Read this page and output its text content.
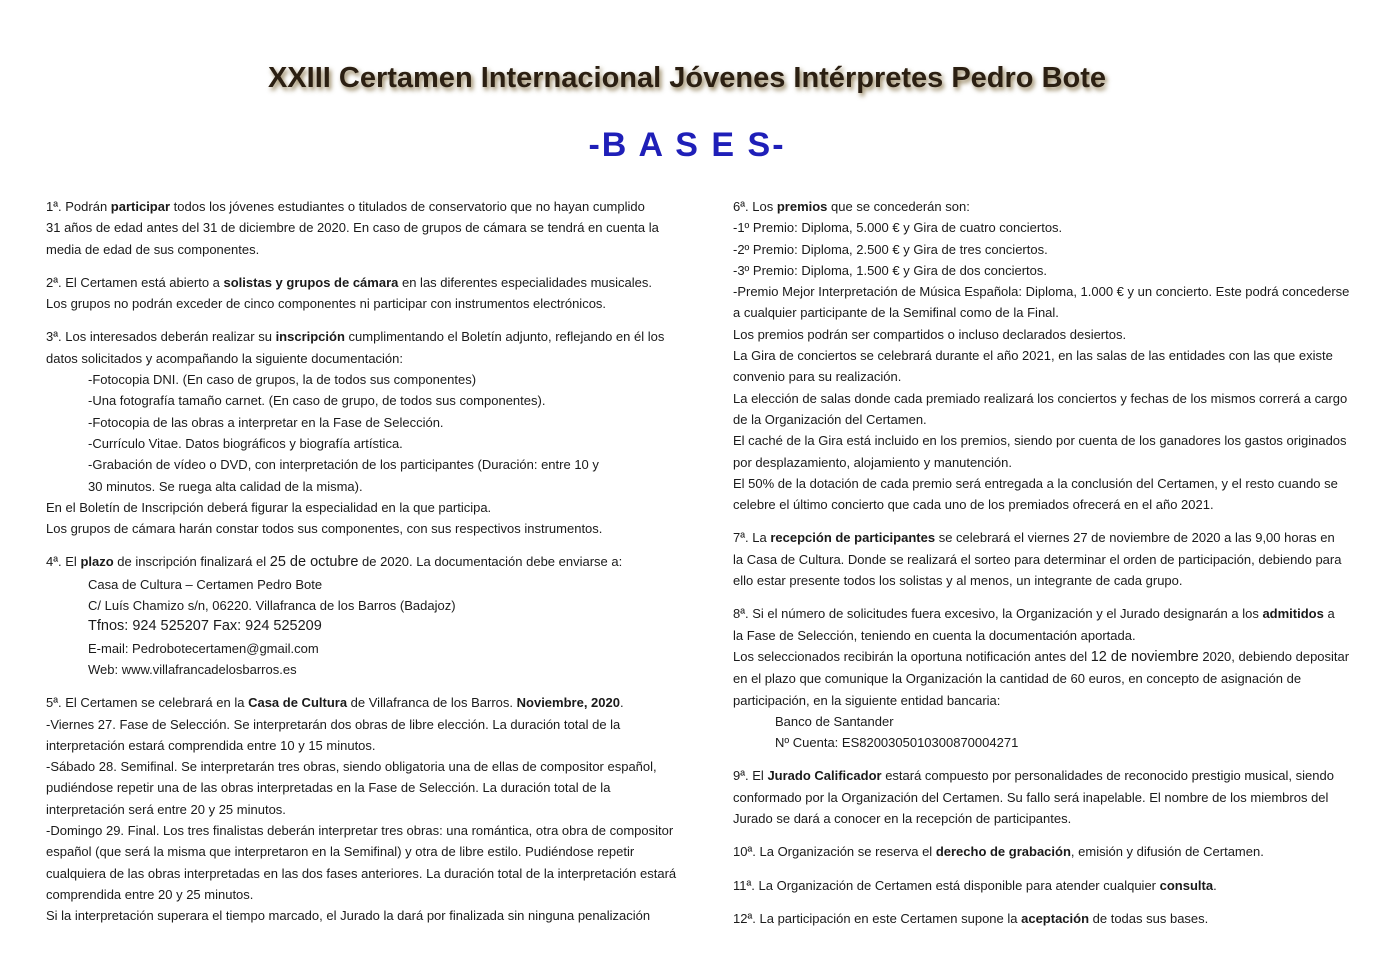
XXIII Certamen Internacional Jóvenes Intérpretes Pedro Bote
-B A S E S-
1ª. Podrán participar todos los jóvenes estudiantes o titulados de conservatorio que no hayan cumplido
31 años de edad antes del 31 de diciembre de 2020. En caso de grupos de cámara se tendrá en cuenta la
media de edad de sus componentes.
2ª. El Certamen está abierto a solistas y grupos de cámara en las diferentes especialidades musicales.
Los grupos no podrán exceder de cinco componentes ni participar con instrumentos electrónicos.
3ª. Los interesados deberán realizar su inscripción cumplimentando el Boletín adjunto, reflejando en él los
datos solicitados y acompañando la siguiente documentación:
-Fotocopia DNI. (En caso de grupos, la de todos sus componentes)
-Una fotografía tamaño carnet. (En caso de grupo, de todos sus componentes).
-Fotocopia de las obras a interpretar en la Fase de Selección.
-Currículo Vitae. Datos biográficos y biografía artística.
-Grabación de vídeo o DVD, con interpretación de los participantes (Duración: entre 10 y
30 minutos. Se ruega alta calidad de la misma).
En el Boletín de Inscripción deberá figurar la especialidad en la que participa.
Los grupos de cámara harán constar todos sus componentes, con sus respectivos instrumentos.
4ª. El plazo de inscripción finalizará el 25 de octubre de 2020. La documentación debe enviarse a:
Casa de Cultura – Certamen Pedro Bote
C/ Luís Chamizo s/n, 06220. Villafranca de los Barros (Badajoz)
Tfnos: 924 525207 Fax: 924 525209
E-mail: Pedrobotecertamen@gmail.com
Web: www.villafrancadelosbarros.es
5ª. El Certamen se celebrará en la Casa de Cultura de Villafranca de los Barros. Noviembre, 2020.
-Viernes 27. Fase de Selección. Se interpretarán dos obras de libre elección. La duración total de la
interpretación estará comprendida entre 10 y 15 minutos.
-Sábado 28. Semifinal. Se interpretarán tres obras, siendo obligatoria una de ellas de compositor español,
pudiéndose repetir una de las obras interpretadas en la Fase de Selección. La duración total de la
interpretación será entre 20 y 25 minutos.
-Domingo 29. Final. Los tres finalistas deberán interpretar tres obras: una romántica, otra obra de compositor
español (que será la misma que interpretaron en la Semifinal) y otra de libre estilo. Pudiéndose repetir
cualquiera de las obras interpretadas en las dos fases anteriores. La duración total de la interpretación estará
comprendida entre 20 y 25 minutos.
Si la interpretación superara el tiempo marcado, el Jurado la dará por finalizada sin ninguna penalización
6ª. Los premios que se concederán son:
-1º Premio: Diploma, 5.000 € y Gira de cuatro conciertos.
-2º Premio: Diploma, 2.500 € y Gira de tres conciertos.
-3º Premio: Diploma, 1.500 € y Gira de dos conciertos.
-Premio Mejor Interpretación de Música Española: Diploma, 1.000 € y un concierto. Este podrá concederse
a cualquier participante de la Semifinal como de la Final.
Los premios podrán ser compartidos o incluso declarados desiertos.
La Gira de conciertos se celebrará durante el año 2021, en las salas de las entidades con las que existe
convenio para su realización.
La elección de salas donde cada premiado realizará los conciertos y fechas de los mismos correrá a cargo
de la Organización del Certamen.
El caché de la Gira está incluido en los premios, siendo por cuenta de los ganadores los gastos originados
por desplazamiento, alojamiento y manutención.
El 50% de la dotación de cada premio será entregada a la conclusión del Certamen, y el resto cuando se
celebre el último concierto que cada uno de los premiados ofrecerá en el año 2021.
7ª. La recepción de participantes se celebrará el viernes 27 de noviembre de 2020 a las 9,00 horas en
la Casa de Cultura. Donde se realizará el sorteo para determinar el orden de participación, debiendo para
ello estar presente todos los solistas y al menos, un integrante de cada grupo.
8ª. Si el número de solicitudes fuera excesivo, la Organización y el Jurado designarán a los admitidos a
la Fase de Selección, teniendo en cuenta la documentación aportada.
Los seleccionados recibirán la oportuna notificación antes del 12 de noviembre 2020, debiendo depositar
en el plazo que comunique la Organización la cantidad de 60 euros, en concepto de asignación de
participación, en la siguiente entidad bancaria:
Banco de Santander
Nº Cuenta: ES8200305010300870004271
9ª. El Jurado Calificador estará compuesto por personalidades de reconocido prestigio musical, siendo
conformado por la Organización del Certamen. Su fallo será inapelable. El nombre de los miembros del
Jurado se dará a conocer en la recepción de participantes.
10ª. La Organización se reserva el derecho de grabación, emisión y difusión de Certamen.
11ª. La Organización de Certamen está disponible para atender cualquier consulta.
12ª. La participación en este Certamen supone la aceptación de todas sus bases.
